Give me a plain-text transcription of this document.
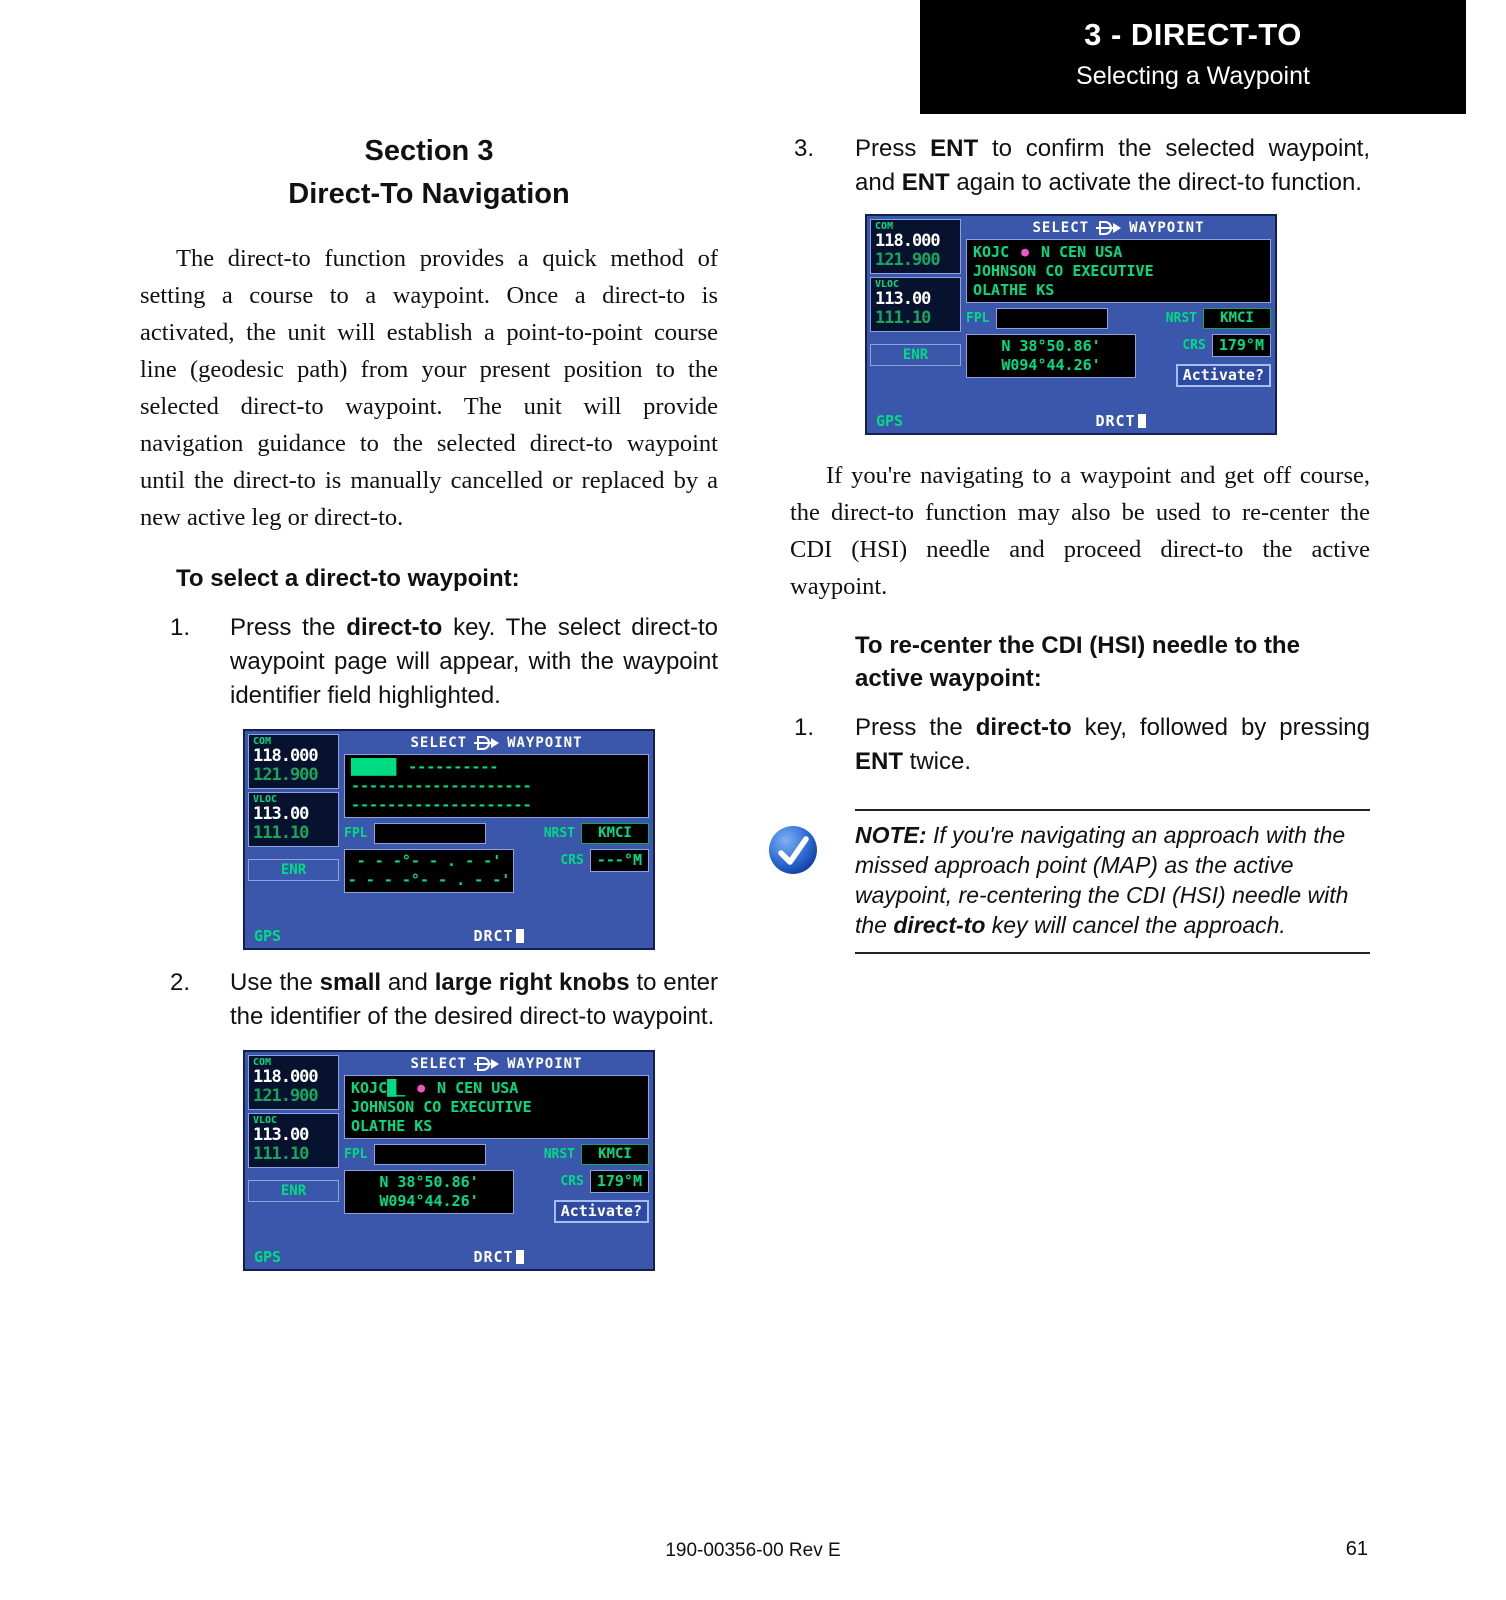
3 - DIRECT-TO
Selecting a Waypoint
Section 3
Direct-To Navigation

The direct-to function provides a quick method of setting a course to a waypoint. Once a direct-to is activated, the unit will establish a point-to-point course line (geodesic path) from your present position to the selected direct-to waypoint. The unit will provide navigation guidance to the selected direct-to waypoint until the direct-to is manually cancelled or replaced by a new active leg or direct-to.

To select a direct-to waypoint:
1.	Press the direct-to key. The select direct-to waypoint page will appear, with the waypoint identifier field highlighted.
COM
118.000
121.900
VLOC
113.00
111.10
ENR
SELECT	WAYPOINT
█████ ----------
--------------------
--------------------
FPL	NRST	KMCI
- - -°- - . - -'
- - - -°- - . - -'
CRS ---°M
GPS	DRCT
2.	Use the small and large right knobs to enter the identifier of the desired direct-to waypoint.
COM
118.000
121.900
VLOC
113.00
111.10
ENR
SELECT	WAYPOINT
KOJC█_ ● N CEN USA
JOHNSON CO EXECUTIVE
OLATHE KS
FPL	NRST	KMCI
N 38°50.86'
W094°44.26'
CRS 179°M
Activate?
GPS	DRCT
3.	Press ENT to confirm the selected waypoint, and ENT again to activate the direct-to function.
COM
118.000
121.900
VLOC
113.00
111.10
ENR
SELECT	WAYPOINT
KOJC ● N CEN USA
JOHNSON CO EXECUTIVE
OLATHE KS
FPL	NRST	KMCI
N 38°50.86'
W094°44.26'
CRS 179°M
Activate?
GPS	DRCT

If you're navigating to a waypoint and get off course, the direct-to function may also be used to re-center the CDI (HSI) needle and proceed direct-to the active waypoint.

To re-center the CDI (HSI) needle to the active waypoint:
1.	Press the direct-to key, followed by pressing ENT twice.
NOTE: If you're navigating an approach with the missed approach point (MAP) as the active waypoint, re-centering the CDI (HSI) needle with the direct-to key will cancel the approach.
190-00356-00 Rev E	61
